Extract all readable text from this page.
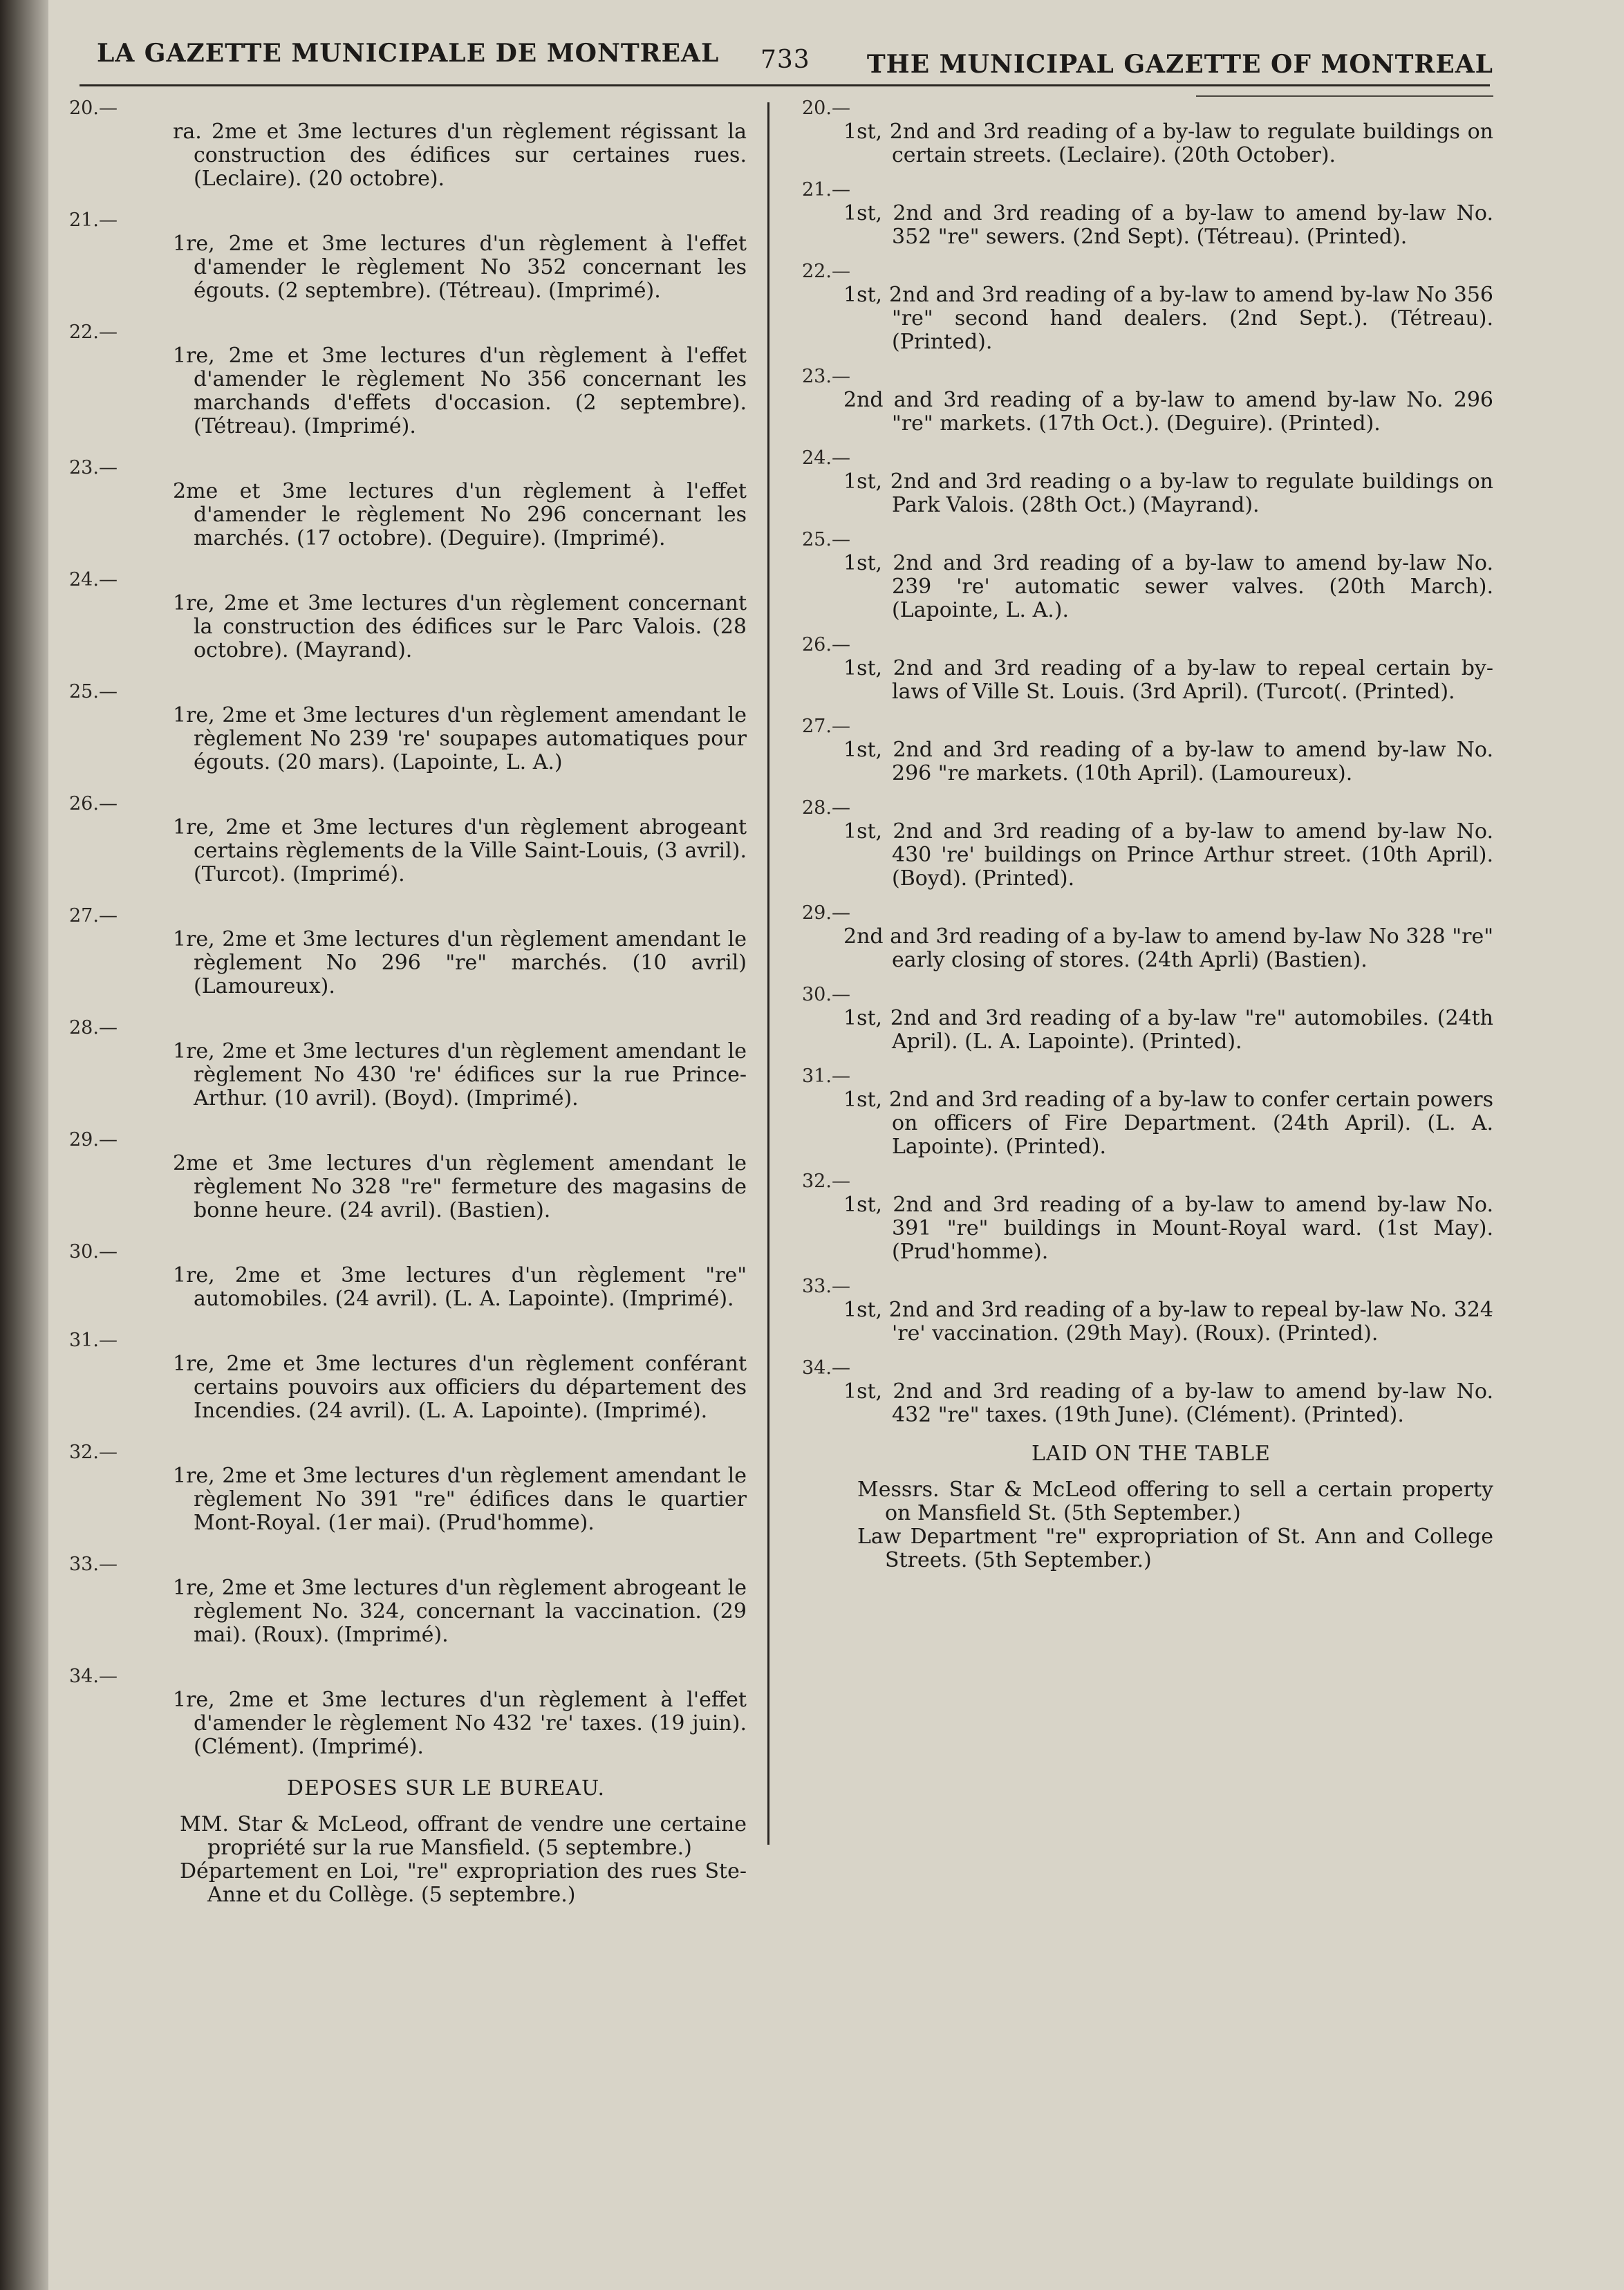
LA GAZETTE MUNICIPALE DE MONTREAL 733 THE MUNICIPAL GAZETTE OF MONTREAL
20.—
ra. 2me et 3me lectures d'un règlement régissant la construction des édifices sur certaines rues. (Leclaire). (20 octobre).
21.—
1re, 2me et 3me lectures d'un règlement à l'effet d'amender le règlement No 352 concernant les égouts. (2 septembre). (Tétreau). (Imprimé).
22.—
1re, 2me et 3me lectures d'un règlement à l'effet d'amender le règlement No 356 concernant les marchands d'effets d'occasion. (2 septembre). (Tétreau). (Imprimé).
23.—
2me et 3me lectures d'un règlement à l'effet d'amender le règlement No 296 concernant les marchés. (17 octobre). (Deguire). (Imprimé).
24.—
1re, 2me et 3me lectures d'un règlement concernant la construction des édifices sur le Parc Valois. (28 octobre). (Mayrand).
25.—
1re, 2me et 3me lectures d'un règlement amendant le règlement No 239 're' soupapes automatiques pour égouts. (20 mars). (Lapointe, L. A.)
26.—
1re, 2me et 3me lectures d'un règlement abrogeant certains règlements de la Ville Saint-Louis, (3 avril). (Turcot). (Imprimé).
27.—
1re, 2me et 3me lectures d'un règlement amendant le règlement No 296 "re" marchés. (10 avril) (Lamoureux).
28.—
1re, 2me et 3me lectures d'un règlement amendant le règlement No 430 're' édifices sur la rue Prince-Arthur. (10 avril). (Boyd). (Imprimé).
29.—
2me et 3me lectures d'un règlement amendant le règlement No 328 "re" fermeture des magasins de bonne heure. (24 avril). (Bastien).
30.—
1re, 2me et 3me lectures d'un règlement "re" automobiles. (24 avril). (L. A. Lapointe). (Imprimé).
31.—
1re, 2me et 3me lectures d'un règlement conférant certains pouvoirs aux officiers du département des Incendies. (24 avril). (L. A. Lapointe). (Imprimé).
32.—
1re, 2me et 3me lectures d'un règlement amendant le règlement No 391 "re" édifices dans le quartier Mont-Royal. (1er mai). (Prud'homme).
33.—
1re, 2me et 3me lectures d'un règlement abrogeant le règlement No. 324, concernant la vaccination. (29 mai). (Roux). (Imprimé).
34.—
1re, 2me et 3me lectures d'un règlement à l'effet d'amender le règlement No 432 're' taxes. (19 juin). (Clément). (Imprimé).
DEPOSES SUR LE BUREAU.
MM. Star & McLeod, offrant de vendre une certaine propriété sur la rue Mansfield. (5 septembre.)
Département en Loi, "re" expropriation des rues Ste-Anne et du Collège. (5 septembre.)
20.—
1st, 2nd and 3rd reading of a by-law to regulate buildings on certain streets. (Leclaire). (20th October).
21.—
1st, 2nd and 3rd reading of a by-law to amend by-law No. 352 "re" sewers. (2nd Sept). (Tétreau). (Printed).
22.—
1st, 2nd and 3rd reading of a by-law to amend by-law No 356 "re" second hand dealers. (2nd Sept.). (Tétreau). (Printed).
23.—
2nd and 3rd reading of a by-law to amend by-law No. 296 "re" markets. (17th Oct.). (Deguire). (Printed).
24.—
1st, 2nd and 3rd reading o a by-law to regulate buildings on Park Valois. (28th Oct.) (Mayrand).
25.—
1st, 2nd and 3rd reading of a by-law to amend by-law No. 239 're' automatic sewer valves. (20th March). (Lapointe, L. A.).
26.—
1st, 2nd and 3rd reading of a by-law to repeal certain by-laws of Ville St. Louis. (3rd April). (Turcot(. (Printed).
27.—
1st, 2nd and 3rd reading of a by-law to amend by-law No. 296 "re markets. (10th April). (Lamoureux).
28.—
1st, 2nd and 3rd reading of a by-law to amend by-law No. 430 're' buildings on Prince Arthur street. (10th April). (Boyd). (Printed).
29.—
2nd and 3rd reading of a by-law to amend by-law No 328 "re" early closing of stores. (24th Aprli) (Bastien).
30.—
1st, 2nd and 3rd reading of a by-law "re" automobiles. (24th April). (L. A. Lapointe). (Printed).
31.—
1st, 2nd and 3rd reading of a by-law to confer certain powers on officers of Fire Department. (24th April). (L. A. Lapointe). (Printed).
32.—
1st, 2nd and 3rd reading of a by-law to amend by-law No. 391 "re" buildings in Mount-Royal ward. (1st May). (Prud'homme).
33.—
1st, 2nd and 3rd reading of a by-law to repeal by-law No. 324 're' vaccination. (29th May). (Roux). (Printed).
34.—
1st, 2nd and 3rd reading of a by-law to amend by-law No. 432 "re" taxes. (19th June). (Clément). (Printed).
LAID ON THE TABLE
Messrs. Star & McLeod offering to sell a certain property on Mansfield St. (5th September.)
Law Department "re" expropriation of St. Ann and College Streets. (5th September.)
